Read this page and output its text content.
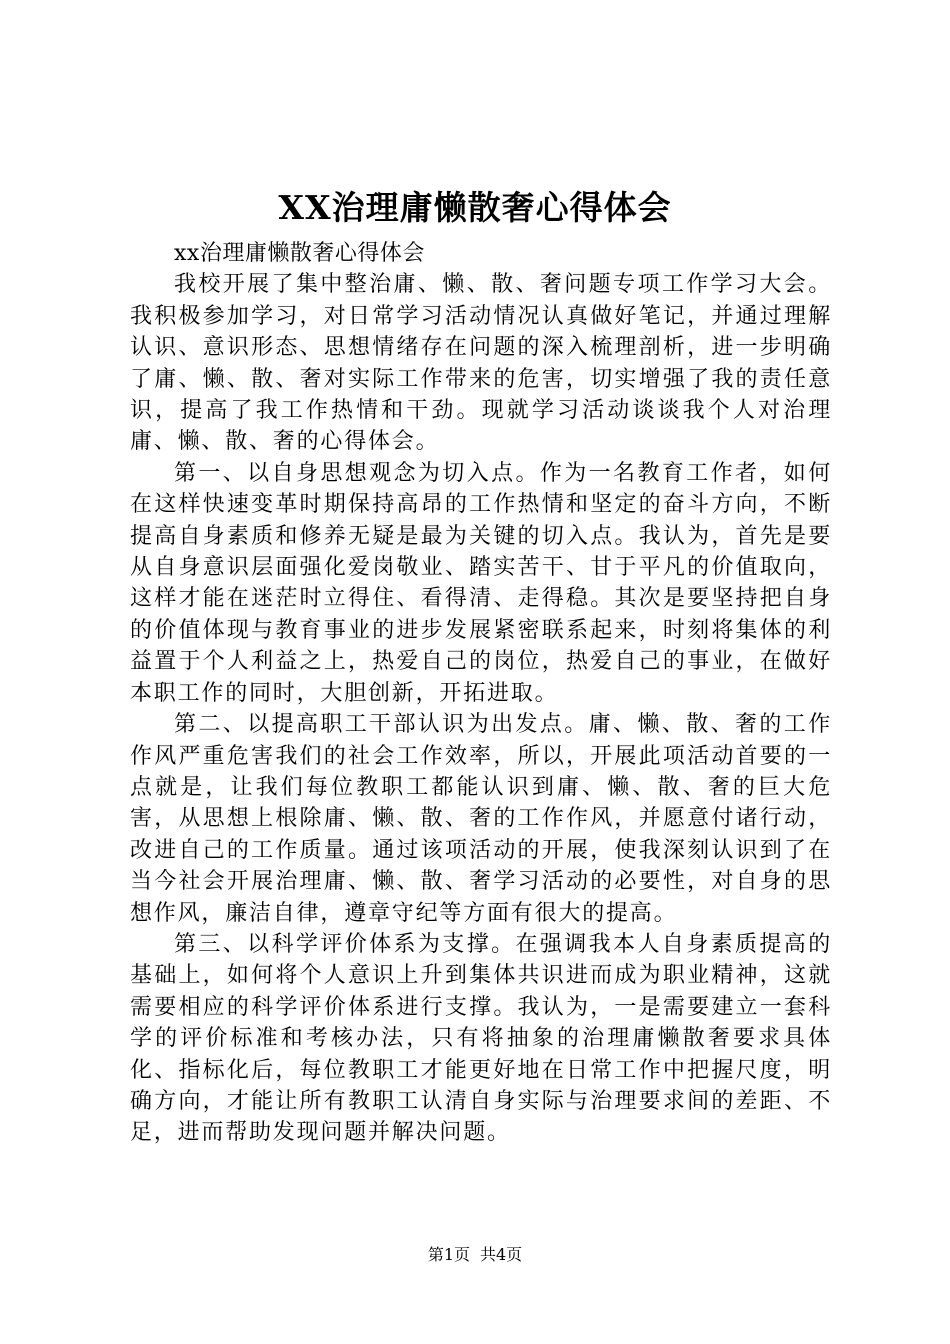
XX治理庸懒散奢心得体会

xx治理庸懒散奢心得体会

我校开展了集中整治庸、懒、散、奢问题专项工作学习大会。我积极参加学习，对日常学习活动情况认真做好笔记，并通过理解认识、意识形态、思想情绪存在问题的深入梳理剖析，进一步明确了庸、懒、散、奢对实际工作带来的危害，切实增强了我的责任意识，提高了我工作热情和干劲。现就学习活动谈谈我个人对治理庸、懒、散、奢的心得体会。

第一、以自身思想观念为切入点。作为一名教育工作者，如何在这样快速变革时期保持高昂的工作热情和坚定的奋斗方向，不断提高自身素质和修养无疑是最为关键的切入点。我认为，首先是要从自身意识层面强化爱岗敬业、踏实苦干、甘于平凡的价值取向，这样才能在迷茫时立得住、看得清、走得稳。其次是要坚持把自身的价值体现与教育事业的进步发展紧密联系起来，时刻将集体的利益置于个人利益之上，热爱自己的岗位，热爱自己的事业，在做好本职工作的同时，大胆创新，开拓进取。

第二、以提高职工干部认识为出发点。庸、懒、散、奢的工作作风严重危害我们的社会工作效率，所以，开展此项活动首要的一点就是，让我们每位教职工都能认识到庸、懒、散、奢的巨大危害，从思想上根除庸、懒、散、奢的工作作风，并愿意付诸行动，改进自己的工作质量。通过该项活动的开展，使我深刻认识到了在当今社会开展治理庸、懒、散、奢学习活动的必要性，对自身的思想作风，廉洁自律，遵章守纪等方面有很大的提高。

第三、以科学评价体系为支撑。在强调我本人自身素质提高的基础上，如何将个人意识上升到集体共识进而成为职业精神，这就需要相应的科学评价体系进行支撑。我认为，一是需要建立一套科学的评价标准和考核办法，只有将抽象的治理庸懒散奢要求具体化、指标化后，每位教职工才能更好地在日常工作中把握尺度，明确方向，才能让所有教职工认清自身实际与治理要求间的差距、不足，进而帮助发现问题并解决问题。

第1页 共4页
